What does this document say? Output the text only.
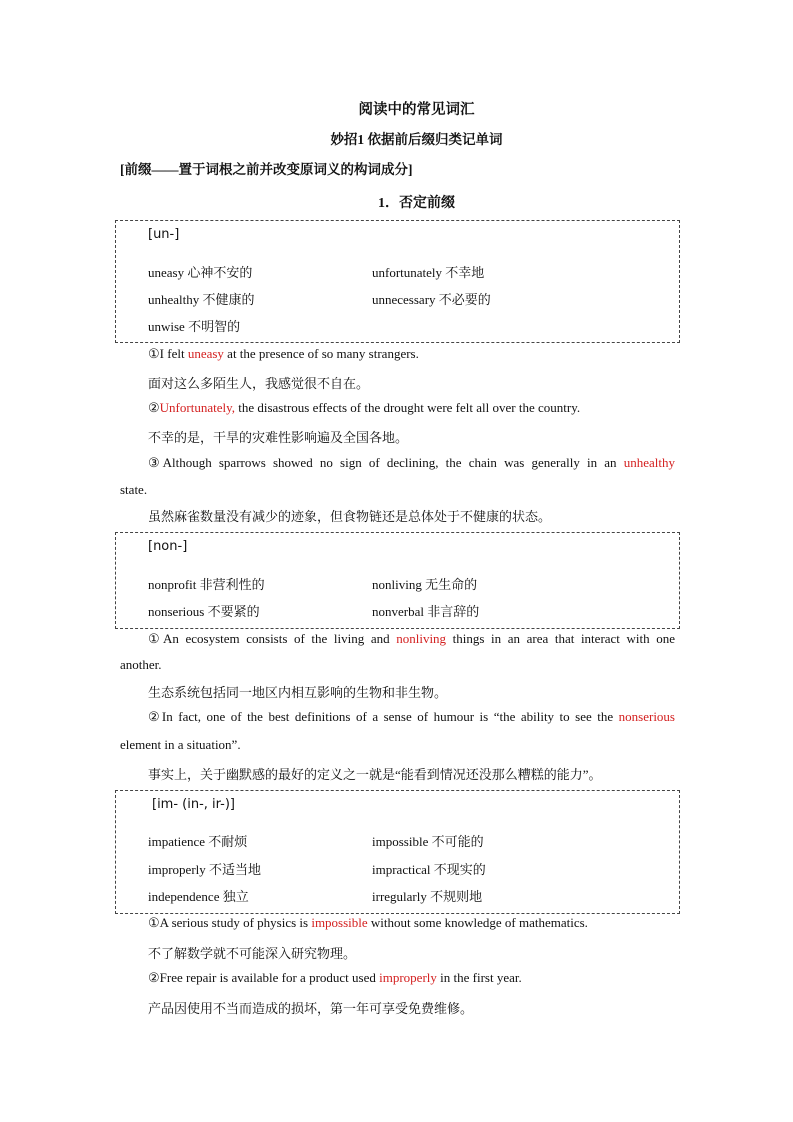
阅读中的常见词汇
妙招1 依据前后缀归类记单词
[前缀——置于词根之前并改变原词义的构词成分]
1．否定前缀
[un-]
uneasy 心神不安的	unfortunately 不幸地
unhealthy 不健康的	unnecessary 不必要的
unwise 不明智的
①I felt uneasy at the presence of so many strangers.
面对这么多陌生人，我感觉很不自在。
②Unfortunately, the disastrous effects of the drought were felt all over the country.
不幸的是，干旱的灾难性影响遍及全国各地。
③Although sparrows showed no sign of declining, the chain was generally in an unhealthy
state.
虽然麻雀数量没有减少的迹象，但食物链还是总体处于不健康的状态。
[non-]
nonprofit 非营利性的	nonliving 无生命的
nonserious 不要紧的	nonverbal 非言辞的
①An ecosystem consists of the living and nonliving things in an area that interact with one
another.
生态系统包括同一地区内相互影响的生物和非生物。
②In fact, one of the best definitions of a sense of humour is “the ability to see the nonserious
element in a situation”.
事实上，关于幽默感的最好的定义之一就是“能看到情况还没那么糟糕的能力”。
[im- (in-, ir-)]
impatience 不耐烦	impossible 不可能的
improperly 不适当地	impractical 不现实的
independence 独立	irregularly 不规则地
①A serious study of physics is impossible without some knowledge of mathematics.
不了解数学就不可能深入研究物理。
②Free repair is available for a product used improperly in the first year.
产品因使用不当而造成的损坏，第一年可享受免费维修。
